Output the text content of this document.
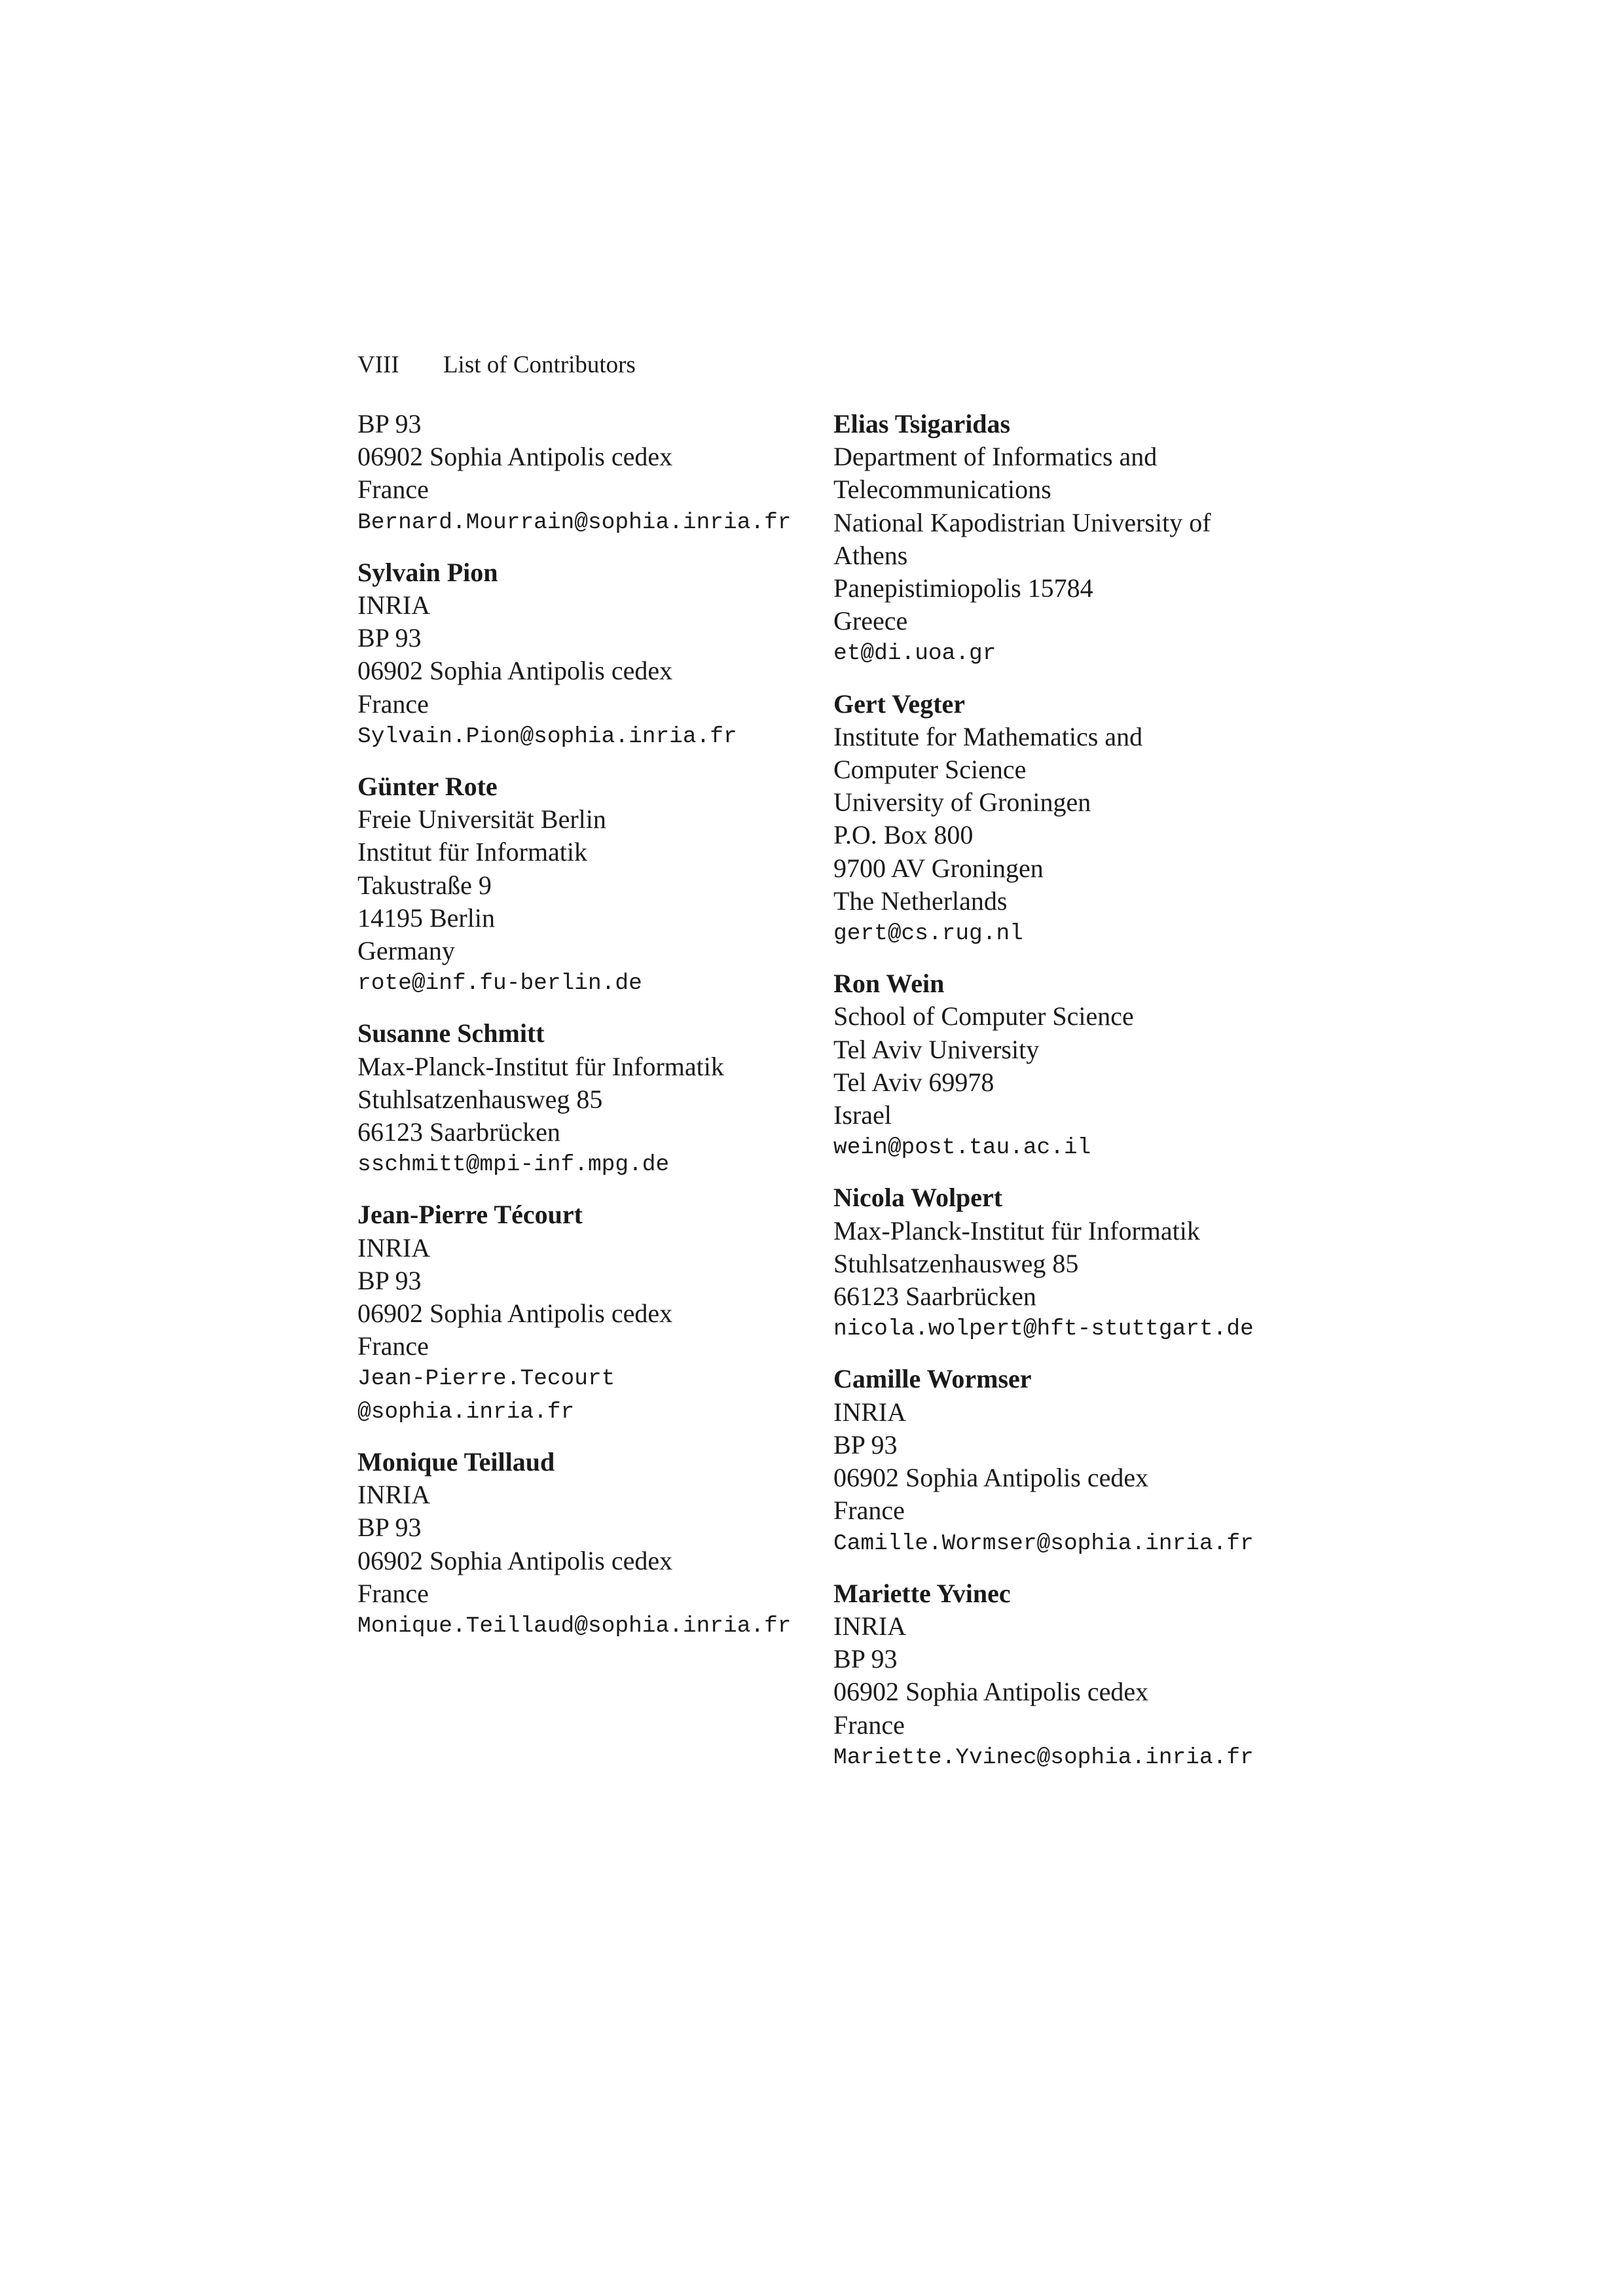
VIII List of Contributors
BP 93
06902 Sophia Antipolis cedex
France
Bernard.Mourrain@sophia.inria.fr
Sylvain Pion
INRIA
BP 93
06902 Sophia Antipolis cedex
France
Sylvain.Pion@sophia.inria.fr
Günter Rote
Freie Universität Berlin
Institut für Informatik
Takustraße 9
14195 Berlin
Germany
rote@inf.fu-berlin.de
Susanne Schmitt
Max-Planck-Institut für Informatik
Stuhlsatzenhausweg 85
66123 Saarbrücken
sschmitt@mpi-inf.mpg.de
Jean-Pierre Técourt
INRIA
BP 93
06902 Sophia Antipolis cedex
France
Jean-Pierre.Tecourt
@sophia.inria.fr
Monique Teillaud
INRIA
BP 93
06902 Sophia Antipolis cedex
France
Monique.Teillaud@sophia.inria.fr
Elias Tsigaridas
Department of Informatics and
Telecommunications
National Kapodistrian University of
Athens
Panepistimiopolis 15784
Greece
et@di.uoa.gr
Gert Vegter
Institute for Mathematics and
Computer Science
University of Groningen
P.O. Box 800
9700 AV Groningen
The Netherlands
gert@cs.rug.nl
Ron Wein
School of Computer Science
Tel Aviv University
Tel Aviv 69978
Israel
wein@post.tau.ac.il
Nicola Wolpert
Max-Planck-Institut für Informatik
Stuhlsatzenhausweg 85
66123 Saarbrücken
nicola.wolpert@hft-stuttgart.de
Camille Wormser
INRIA
BP 93
06902 Sophia Antipolis cedex
France
Camille.Wormser@sophia.inria.fr
Mariette Yvinec
INRIA
BP 93
06902 Sophia Antipolis cedex
France
Mariette.Yvinec@sophia.inria.fr
